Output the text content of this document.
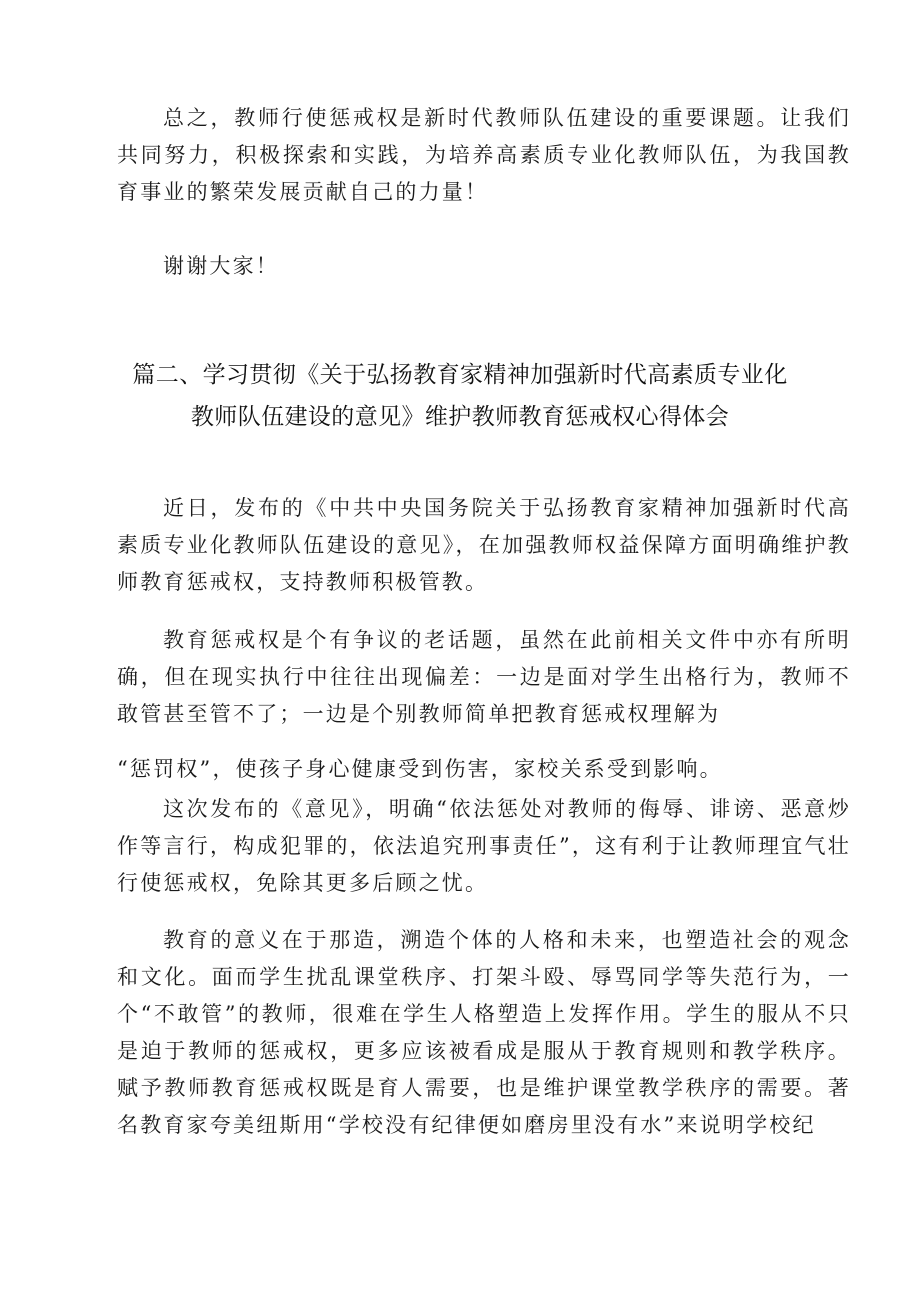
总之，教师行使惩戒权是新时代教师队伍建设的重要课题。让我们共同努力，积极探索和实践，为培养高素质专业化教师队伍，为我国教育事业的繁荣发展贡献自己的力量！

谢谢大家！

篇二、学习贯彻《关于弘扬教育家精神加强新时代高素质专业化
教师队伍建设的意见》维护教师教育惩戒权心得体会

近日，发布的《中共中央国务院关于弘扬教育家精神加强新时代高素质专业化教师队伍建设的意见》，在加强教师权益保障方面明确维护教师教育惩戒权，支持教师积极管教。

教育惩戒权是个有争议的老话题，虽然在此前相关文件中亦有所明确，但在现实执行中往往出现偏差：一边是面对学生出格行为，教师不敢管甚至管不了；一边是个别教师简单把教育惩戒权理解为

“惩罚权”，使孩子身心健康受到伤害，家校关系受到影响。

这次发布的《意见》，明确“依法惩处对教师的侮辱、诽谤、恶意炒作等言行，构成犯罪的，依法追究刑事责任”，这有利于让教师理宜气壮行使惩戒权，免除其更多后顾之忧。

教育的意义在于那造，溯造个体的人格和未来，也塑造社会的观念和文化。面而学生扰乱课堂秩序、打架斗殴、辱骂同学等失范行为，一个“不敢管”的教师，很难在学生人格塑造上发挥作用。学生的服从不只是迫于教师的惩戒权，更多应该被看成是服从于教育规则和教学秩序。赋予教师教育惩戒权既是育人需要，也是维护课堂教学秩序的需要。著名教育家夸美纽斯用“学校没有纪律便如磨房里没有水”来说明学校纪
